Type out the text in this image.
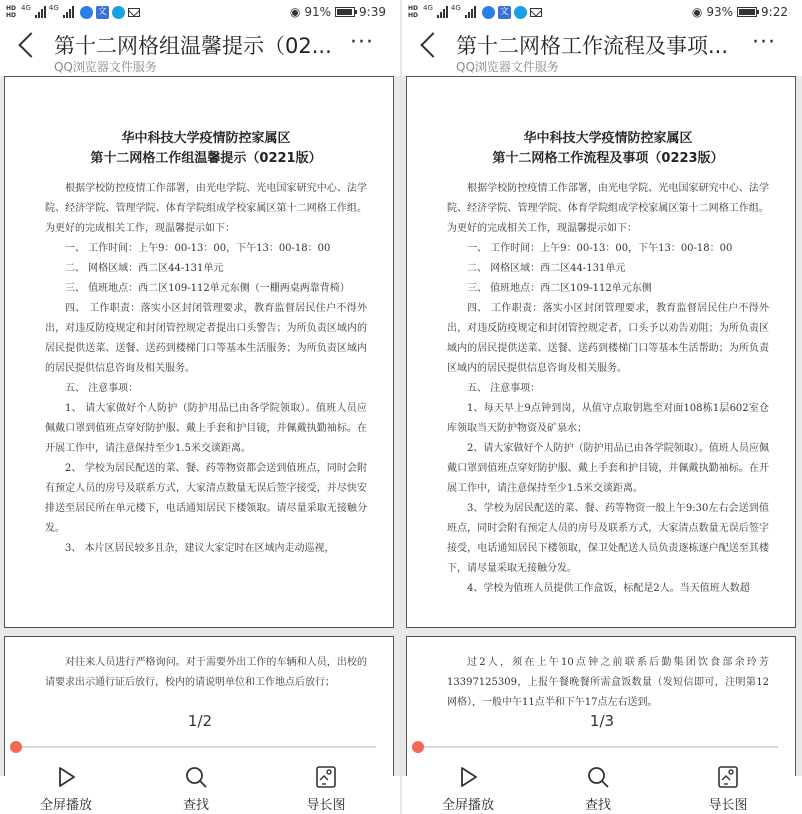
HD
HD
4G	4G	文	◉ 91% 9:39
第十二网格组温馨提示（02...
QQ浏览器文件服务
···
华中科技大学疫情防控家属区
第十二网格工作组温馨提示（0221版）

根据学校防控疫情工作部署，由光电学院、光电国家研究中心、法学院、经济学院、管理学院、体育学院组成学校家属区第十二网格工作组。为更好的完成相关工作，现温馨提示如下：

一、 工作时间：上午9：00-13：00，下午13：00-18：00

二、 网格区域：西二区44-131单元

三、 值班地点：西二区109-112单元东侧（一棚两桌两靠背椅）

四、 工作职责：落实小区封闭管理要求，教育监督居民住户不得外出，对违反防疫规定和封闭管控规定者提出口头警告；为所负责区域内的居民提供送菜、送餐、送药到楼梯门口等基本生活服务；为所负责区域内的居民提供信息咨询及相关服务。

五、 注意事项：

1、 请大家做好个人防护（防护用品已由各学院领取）。值班人员应佩戴口罩到值班点穿好防护服、戴上手套和护目镜，并佩戴执勤袖标。在开展工作中，请注意保持至少1.5米交谈距离。

2、 学校为居民配送的菜、餐、药等物资都会送到值班点，同时会附有预定人员的房号及联系方式，大家清点数量无误后签字接受，并尽快安排送至居民所在单元楼下，电话通知居民下楼领取。请尽量采取无接触分发。

3、 本片区居民较多且杂，建议大家定时在区域内走动巡视，

对往来人员进行严格询问。对于需要外出工作的车辆和人员，出校的请要求出示通行证后放行，校内的请说明单位和工作地点后放行；

1/2
全屏播放	查找	导长图
HD
HD
4G	4G	文	◉ 93% 9:22
第十二网格工作流程及事项...
QQ浏览器文件服务
···
华中科技大学疫情防控家属区
第十二网格工作流程及事项（0223版）

根据学校防控疫情工作部署，由光电学院、光电国家研究中心、法学院、经济学院、管理学院、体育学院组成学校家属区第十二网格工作组。为更好的完成相关工作，现温馨提示如下：

一、 工作时间：上午9：00-13：00，下午13：00-18：00

二、 网格区域：西二区44-131单元

三、 值班地点：西二区109-112单元东侧

四、 工作职责：落实小区封闭管理要求，教育监督居民住户不得外出，对违反防疫规定和封闭管控规定者，口头予以劝告劝阻；为所负责区域内的居民提供送菜、送餐、送药到楼梯门口等基本生活帮助；为所负责区域内的居民提供信息咨询及相关服务。

五、 注意事项：

1、每天早上9点钟到岗，从值守点取钥匙至对面108栋1层602室仓库领取当天防护物资及矿泉水；

2、请大家做好个人防护（防护用品已由各学院领取）。值班人员应佩戴口罩到值班点穿好防护服、戴上手套和护目镜，并佩戴执勤袖标。在开展工作中，请注意保持至少1.5米交谈距离。

3、学校为居民配送的菜、餐、药等物资一般上午9:30左右会送到值班点，同时会附有预定人员的房号及联系方式，大家清点数量无误后签字接受，电话通知居民下楼领取，保卫处配送人员负责逐栋逐户配送至其楼下，请尽量采取无接触分发。

4、学校为值班人员提供工作盒饭，标配是2人。当天值班人数超

过2人，须在上午10点钟之前联系后勤集团饮食部余玲芳13397125309，上报午餐晚餐所需盒饭数量（发短信即可，注明第12网格），一般中午11点半和下午17点左右送到。

1/3
全屏播放	查找	导长图
